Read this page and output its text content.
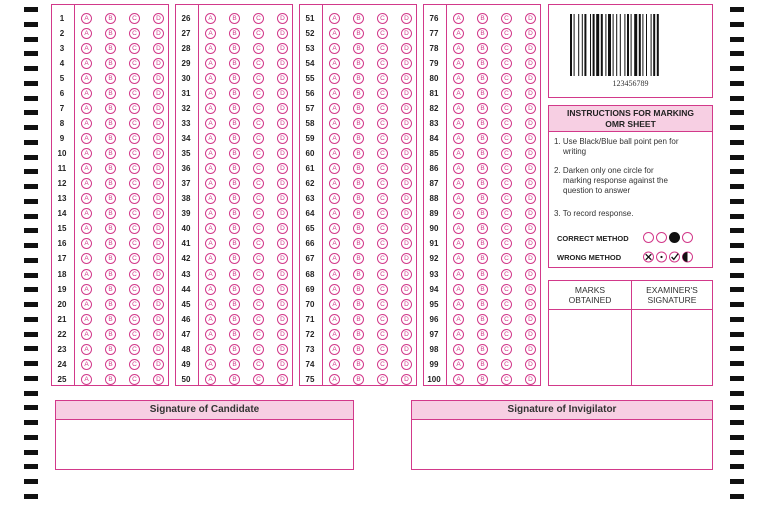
1	A	B	C	D
2	A	B	C	D
3	A	B	C	D
4	A	B	C	D
5	A	B	C	D
6	A	B	C	D
7	A	B	C	D
8	A	B	C	D
9	A	B	C	D
10	A	B	C	D
11	A	B	C	D
12	A	B	C	D
13	A	B	C	D
14	A	B	C	D
15	A	B	C	D
16	A	B	C	D
17	A	B	C	D
18	A	B	C	D
19	A	B	C	D
20	A	B	C	D
21	A	B	C	D
22	A	B	C	D
23	A	B	C	D
24	A	B	C	D
25	A	B	C	D
26	A	B	C	D
27	A	B	C	D
28	A	B	C	D
29	A	B	C	D
30	A	B	C	D
31	A	B	C	D
32	A	B	C	D
33	A	B	C	D
34	A	B	C	D
35	A	B	C	D
36	A	B	C	D
37	A	B	C	D
38	A	B	C	D
39	A	B	C	D
40	A	B	C	D
41	A	B	C	D
42	A	B	C	D
43	A	B	C	D
44	A	B	C	D
45	A	B	C	D
46	A	B	C	D
47	A	B	C	D
48	A	B	C	D
49	A	B	C	D
50	A	B	C	D
51	A	B	C	D
52	A	B	C	D
53	A	B	C	D
54	A	B	C	D
55	A	B	C	D
56	A	B	C	D
57	A	B	C	D
58	A	B	C	D
59	A	B	C	D
60	A	B	C	D
61	A	B	C	D
62	A	B	C	D
63	A	B	C	D
64	A	B	C	D
65	A	B	C	D
66	A	B	C	D
67	A	B	C	D
68	A	B	C	D
69	A	B	C	D
70	A	B	C	D
71	A	B	C	D
72	A	B	C	D
73	A	B	C	D
74	A	B	C	D
75	A	B	C	D
76	A	B	C	D
77	A	B	C	D
78	A	B	C	D
79	A	B	C	D
80	A	B	C	D
81	A	B	C	D
82	A	B	C	D
83	A	B	C	D
84	A	B	C	D
85	A	B	C	D
86	A	B	C	D
87	A	B	C	D
88	A	B	C	D
89	A	B	C	D
90	A	B	C	D
91	A	B	C	D
92	A	B	C	D
93	A	B	C	D
94	A	B	C	D
95	A	B	C	D
96	A	B	C	D
97	A	B	C	D
98	A	B	C	D
99	A	B	C	D
100	A	B	C	D
123456789
INSTRUCTIONS FOR MARKING
OMR SHEET
1. Use Black/Blue ball point pen for
writing
2. Darken only one circle for
marking response against the
question to answer
3. To record response.
CORRECT METHOD
WRONG METHOD
MARKS
OBTAINED
EXAMINER'S
SIGNATURE
Signature of Candidate	Signature of Invigilator
